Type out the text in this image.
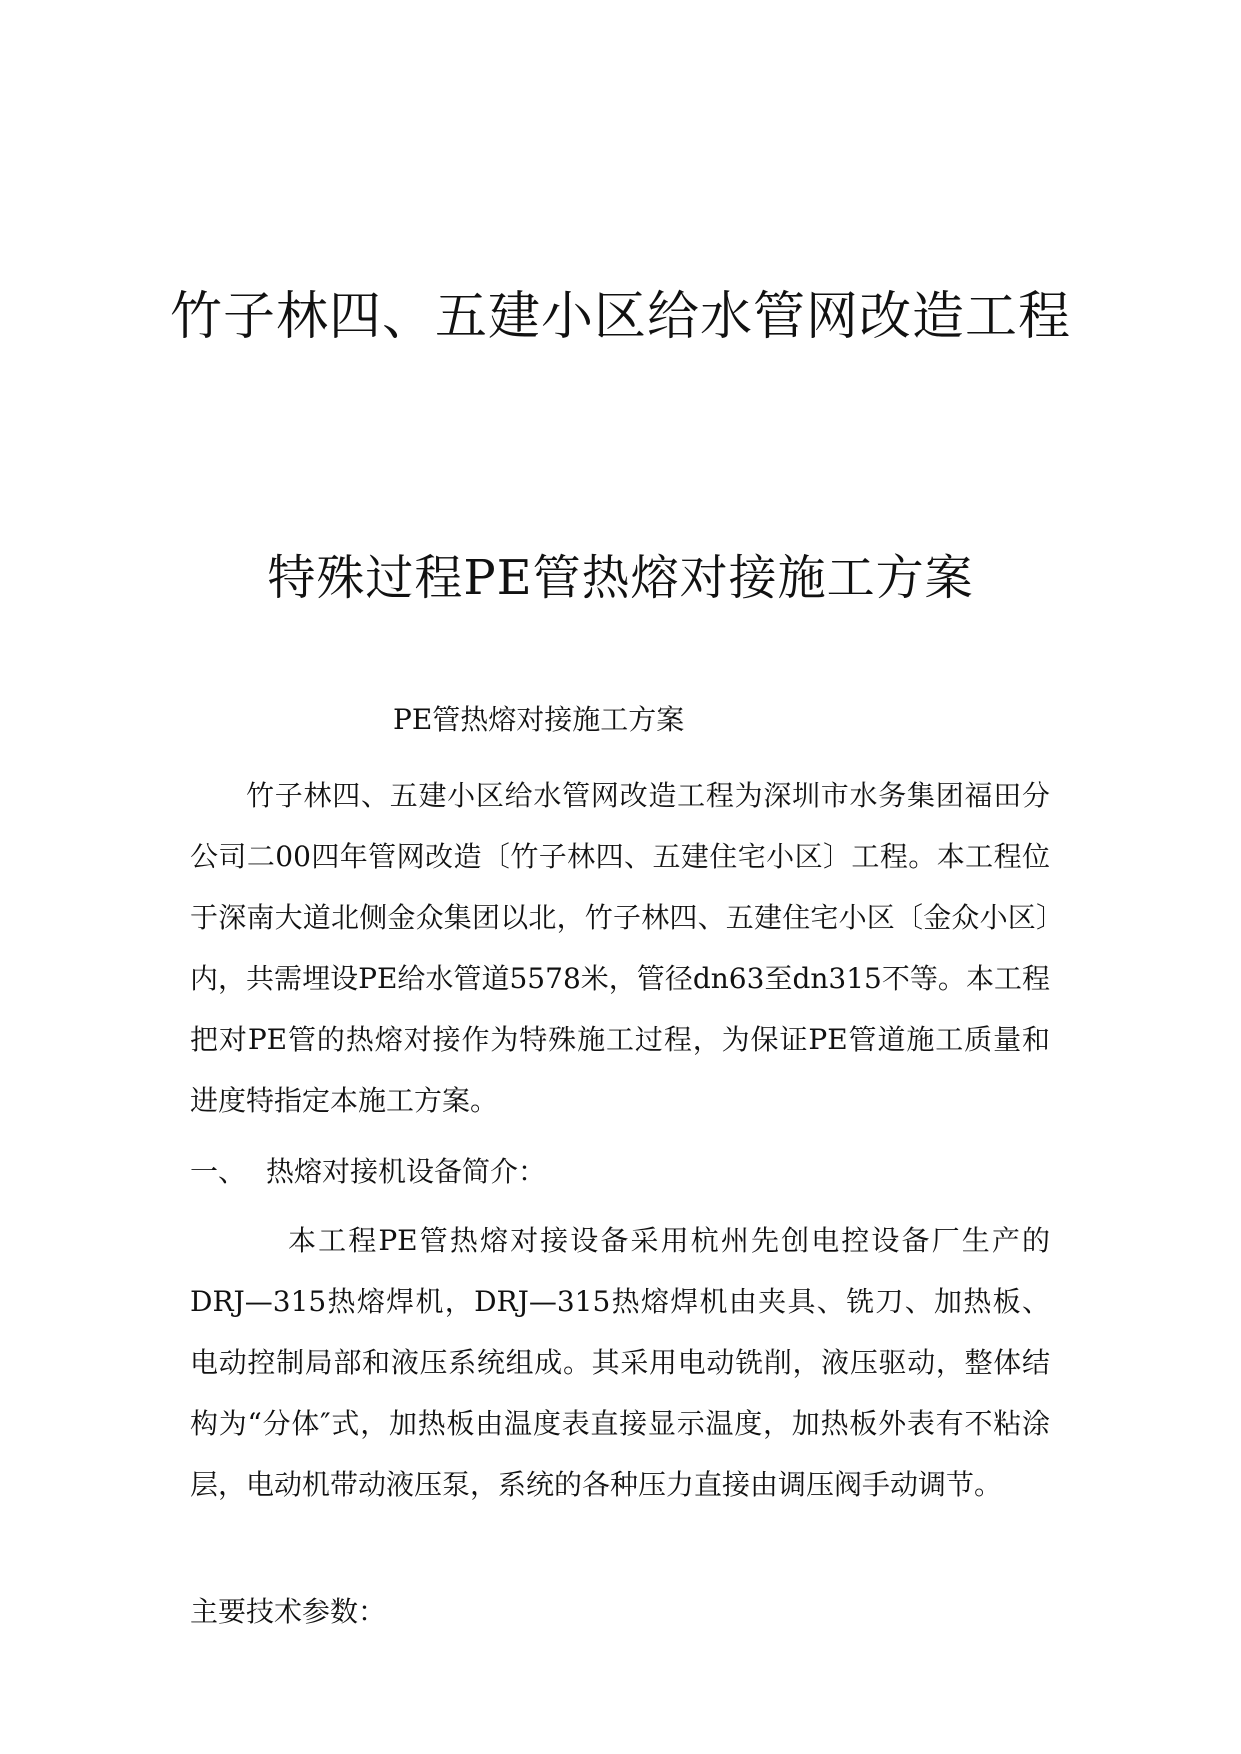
竹子林四、五建小区给水管网改造工程
特殊过程PE管热熔对接施工方案
PE管热熔对接施工方案
竹子林四、五建小区给水管网改造工程为深圳市水务集团福田分公司二00四年管网改造〔竹子林四、五建住宅小区〕工程。本工程位于深南大道北侧金众集团以北，竹子林四、五建住宅小区〔金众小区〕内，共需埋设PE给水管道5578米，管径dn63至dn315不等。本工程把对PE管的热熔对接作为特殊施工过程，为保证PE管道施工质量和进度特指定本施工方案。
一、 热熔对接机设备简介：
本工程PE管热熔对接设备采用杭州先创电控设备厂生产的DRJ—315热熔焊机，DRJ—315热熔焊机由夹具、铣刀、加热板、电动控制局部和液压系统组成。其采用电动铣削，液压驱动，整体结构为“分体″式，加热板由温度表直接显示温度，加热板外表有不粘涂层，电动机带动液压泵，系统的各种压力直接由调压阀手动调节。
主要技术参数：
